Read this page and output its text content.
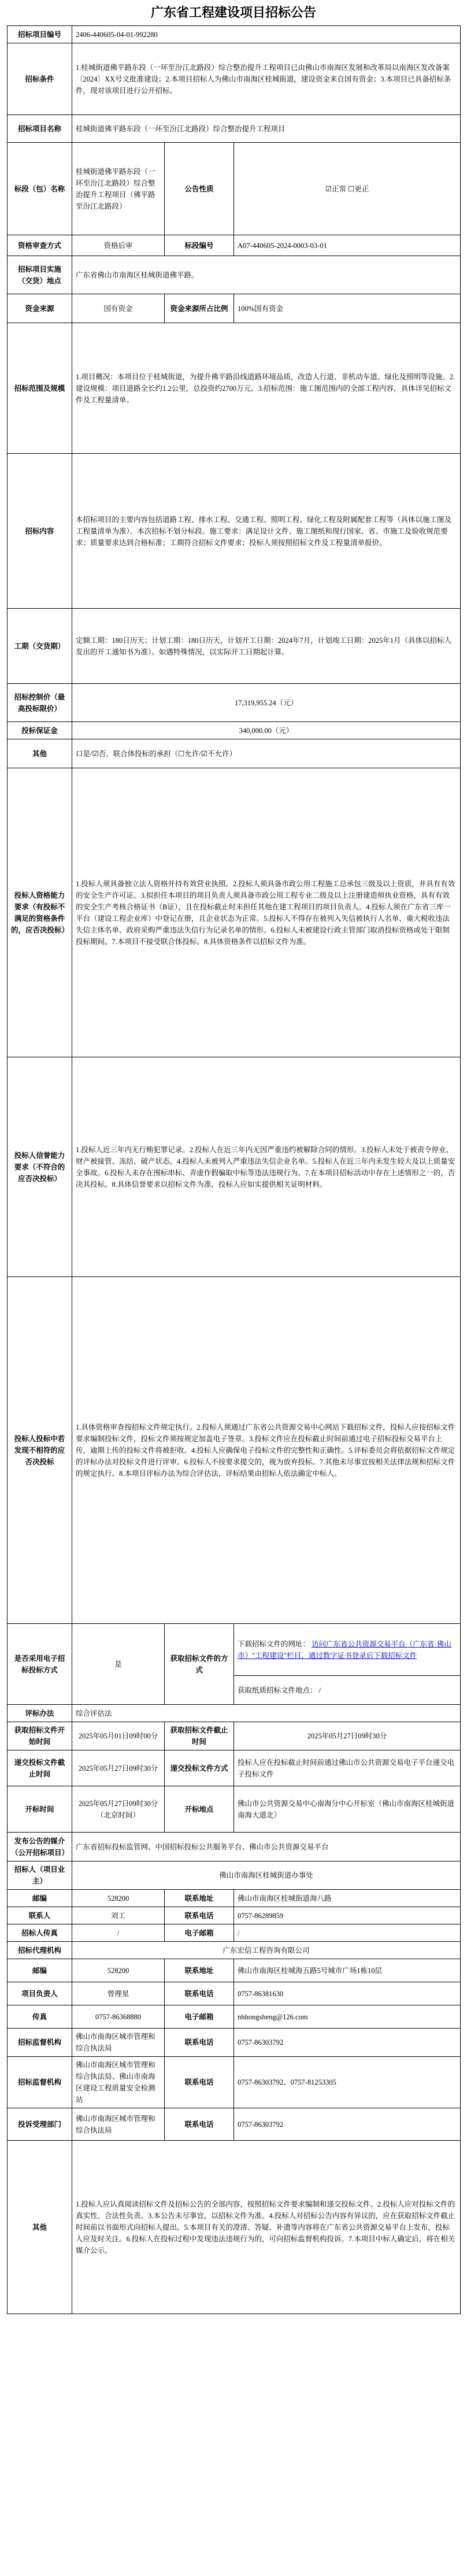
广东省工程建设项目招标公告
招标项目编号	2406-440605-04-01-992280		
招标条件	1.桂城街道佛平路东段（一环至汾江北路段）综合整治提升工程项目已由佛山市南海区发展和改革局以南海区发改备案〔2024〕XX号文批准建设；2.本项目招标人为佛山市南海区桂城街道，建设资金来自国有资金；3.本项目已具备招标条件，现对该项目进行公开招标。		
招标项目名称	桂城街道佛平路东段（一环至汾江北路段）综合整治提升工程项目		
标段（包）名称	桂城街道佛平路东段（一环至汾江北路段）综合整治提升工程项目（佛平路至汾江北路段）	公告性质	☑正常 ☐更正
资格审查方式	资格后审	标段编号	A07-440605-2024-0003-03-01
招标项目实施（交货）地点	广东省佛山市南海区桂城街道佛平路。		
资金来源	国有资金	资金来源所占比例	100%国有资金
招标范围及规模	1.项目概况：本项目位于桂城街道，为提升佛平路沿线道路环境品质，改造人行道、非机动车道、绿化及照明等设施。2.建设规模：项目道路全长约1.2公里，总投资约2700万元。3.招标范围：施工图范围内的全部工程内容，具体详见招标文件及工程量清单。		
招标内容	本招标项目的主要内容包括道路工程、排水工程、交通工程、照明工程、绿化工程及附属配套工程等（具体以施工图及工程量清单为准）。本次招标不划分标段。施工要求：满足设计文件、施工图纸和现行国家、省、市施工及验收规范要求；质量要求达到合格标准；工期符合招标文件要求；投标人须按照招标文件及工程量清单报价。		
工期（交货期）	定额工期：180日历天；计划工期：180日历天，计划开工日期：2024年7月，计划竣工日期：2025年1月（具体以招标人发出的开工通知书为准）。如遇特殊情况，以实际开工日期起计算。		
招标控制价（最高投标限价）	17,319,955.24（元）		
投标保证金	340,000.00（元）		
其他	口是/☑否。联合体投标的承担（☐允许/☑不允许）		
投标人资格能力要求（有投标不满足的资格条件的，应否决投标）	1.投标人须具备独立法人资格并持有效营业执照。2.投标人须具备市政公用工程施工总承包三级及以上资质，并具有有效的安全生产许可证。3.拟担任本项目的项目负责人须具备市政公用工程专业二级及以上注册建造师执业资格，具有有效的安全生产考核合格证书（B证），且在投标截止时未担任其他在建工程项目的项目负责人。4.投标人须在广东省三库一平台（建设工程企业库）中登记在册，且企业状态为正常。5.投标人不得存在被列入失信被执行人名单、重大税收违法失信主体名单、政府采购严重违法失信行为记录名单的情形。6.投标人未被建设行政主管部门取消投标资格或处于限制投标期间。7.本项目不接受联合体投标。8.具体资格条件以招标文件为准。		
投标人信誉能力要求（不符合的应否决投标）	1.投标人近三年内无行贿犯罪记录。2.投标人在近三年内无因严重违约被解除合同的情形。3.投标人未处于被责令停业、财产被接管、冻结、破产状态。4.投标人未被列入严重违法失信企业名单。5.投标人在近三年内未发生较大及以上质量安全事故。6.投标人未存在围标串标、弄虚作假骗取中标等违法违规行为。7.在本项目招标活动中存在上述情形之一的，否决其投标。8.具体信誉要求以招标文件为准，投标人应如实提供相关证明材料。		
投标人投标中若发现不相符的应否决投标	1.具体资格审查按招标文件规定执行。2.投标人须通过广东省公共资源交易中心网站下载招标文件，投标人应按招标文件要求编制投标文件，投标文件须按规定加盖电子签章。3.投标文件应在投标截止时间前通过电子招标投标交易平台上传，逾期上传的投标文件将被拒收。4.投标人应确保电子投标文件的完整性和正确性。5.评标委员会将依据招标文件规定的评标办法对投标文件进行评审。6.投标人不按要求提交的，视为放弃投标。7.其他未尽事宜按相关法律法规和招标文件的规定执行。8.本项目评标办法为综合评估法，评标结果由招标人依法确定中标人。		
是否采用电子招标投标方式	是	获取招标文件的方式	下载招标文件的网址： 访问广东省公共资源交易平台（广东省·佛山市）"工程建设"栏目，通过数字证书登录后下载招标文件
			获取纸质招标文件地点： /
评标办法	综合评估法		
获取招标文件开始时间	2025年05月01日09时00分	获取招标文件截止时间	2025年05月27日09时30分
递交投标文件截止时间	2025年05月27日09时30分	递交投标文件方式	投标人应在投标截止时间前通过佛山市公共资源交易电子平台递交电子投标文件
开标时间	2025年05月27日09时30分（北京时间）	开标地点	佛山市公共资源交易中心南海分中心开标室（佛山市南海区桂城街道南海大道北）
发布公告的媒介（公开招标项目）	广东省招标投标监管网、中国招标投标公共服务平台、佛山市公共资源交易平台		
招标人（项目业主）	佛山市南海区桂城街道办事处		
邮编	528200	联系地址	佛山市南海区桂城街道海八路
联系人	刘工	联系电话	0757-86289859
招标人传真	/	电子邮箱	/
招标代理机构	广东宏信工程咨询有限公司		
邮编	528200	联系地址	佛山市南海区桂城海五路5号城市广场1栋10层
项目负责人	曾理星	联系电话	0757-86381630
传真	0757-86368880	电子邮箱	nhhongsheng@126.com
招标监督机构	佛山市南海区城市管理和综合执法局	联系电话	0757-86303792
招标监督机构	佛山市南海区城市管理和综合执法局、佛山市南海区建设工程质量安全检测站	联系电话	0757-86303792、0757-81253305
投诉受理部门	佛山市南海区城市管理和综合执法局	联系电话	0757-86303792
其他	1.投标人应认真阅读招标文件及招标公告的全部内容，按照招标文件要求编制和递交投标文件。2.投标人应对投标文件的真实性、合法性负责。3.本公告未尽事宜，以招标文件为准。4.投标人对招标公告内容有异议的，应在获取招标文件截止时间前以书面形式向招标人提出。5.本项目有关的澄清、答疑、补遗等内容将在广东省公共资源交易平台上发布，投标人应及时关注。6.投标人在投标过程中发现违法违规行为的，可向招标监督机构投诉。7.本项目中标人确定后，将在相关媒介公示。		
